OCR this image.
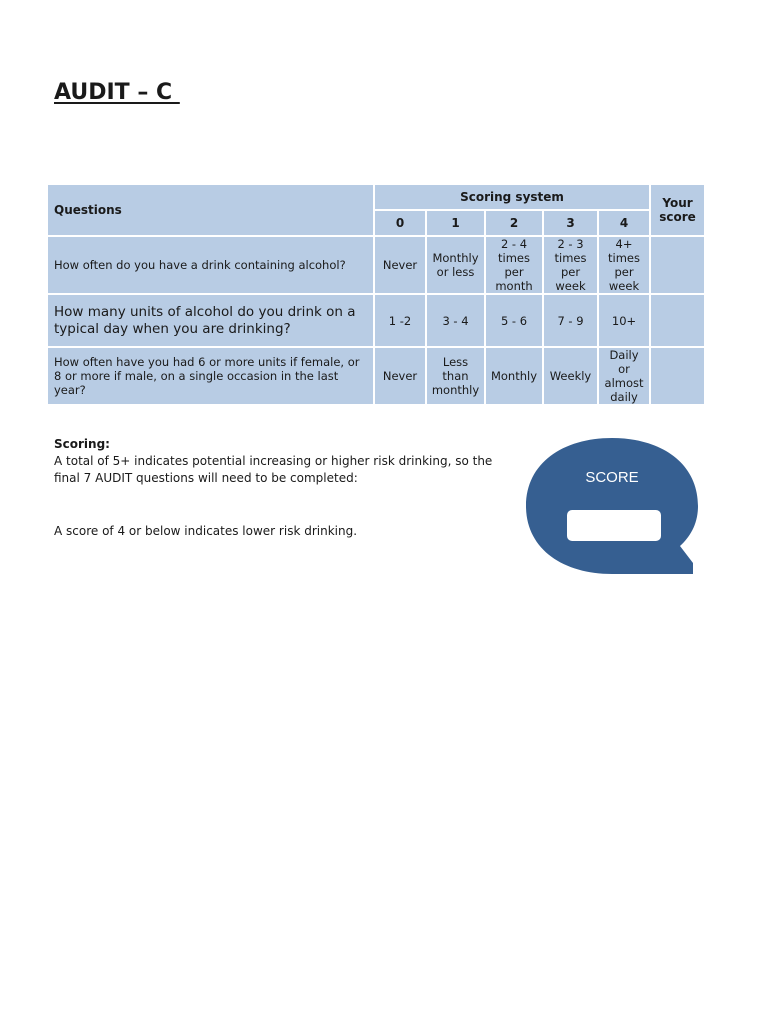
AUDIT – C
Questions	Scoring system					Your score
	0	1	2	3	4	
How often do you have a drink containing alcohol?	Never	Monthly or less	2 - 4 times per month	2 - 3 times per week	4+ times per week	
How many units of alcohol do you drink on a typical day when you are drinking?	1 -2	3 - 4	5 - 6	7 - 9	10+	
How often have you had 6 or more units if female, or 8 or more if male, on a single occasion in the last year?	Never	Less than monthly	Monthly	Weekly	Daily or almost daily	
Scoring:

A total of 5+ indicates potential increasing or higher risk drinking, so the final 7 AUDIT questions will need to be completed:

A score of 4 or below indicates lower risk drinking.

SCORE
